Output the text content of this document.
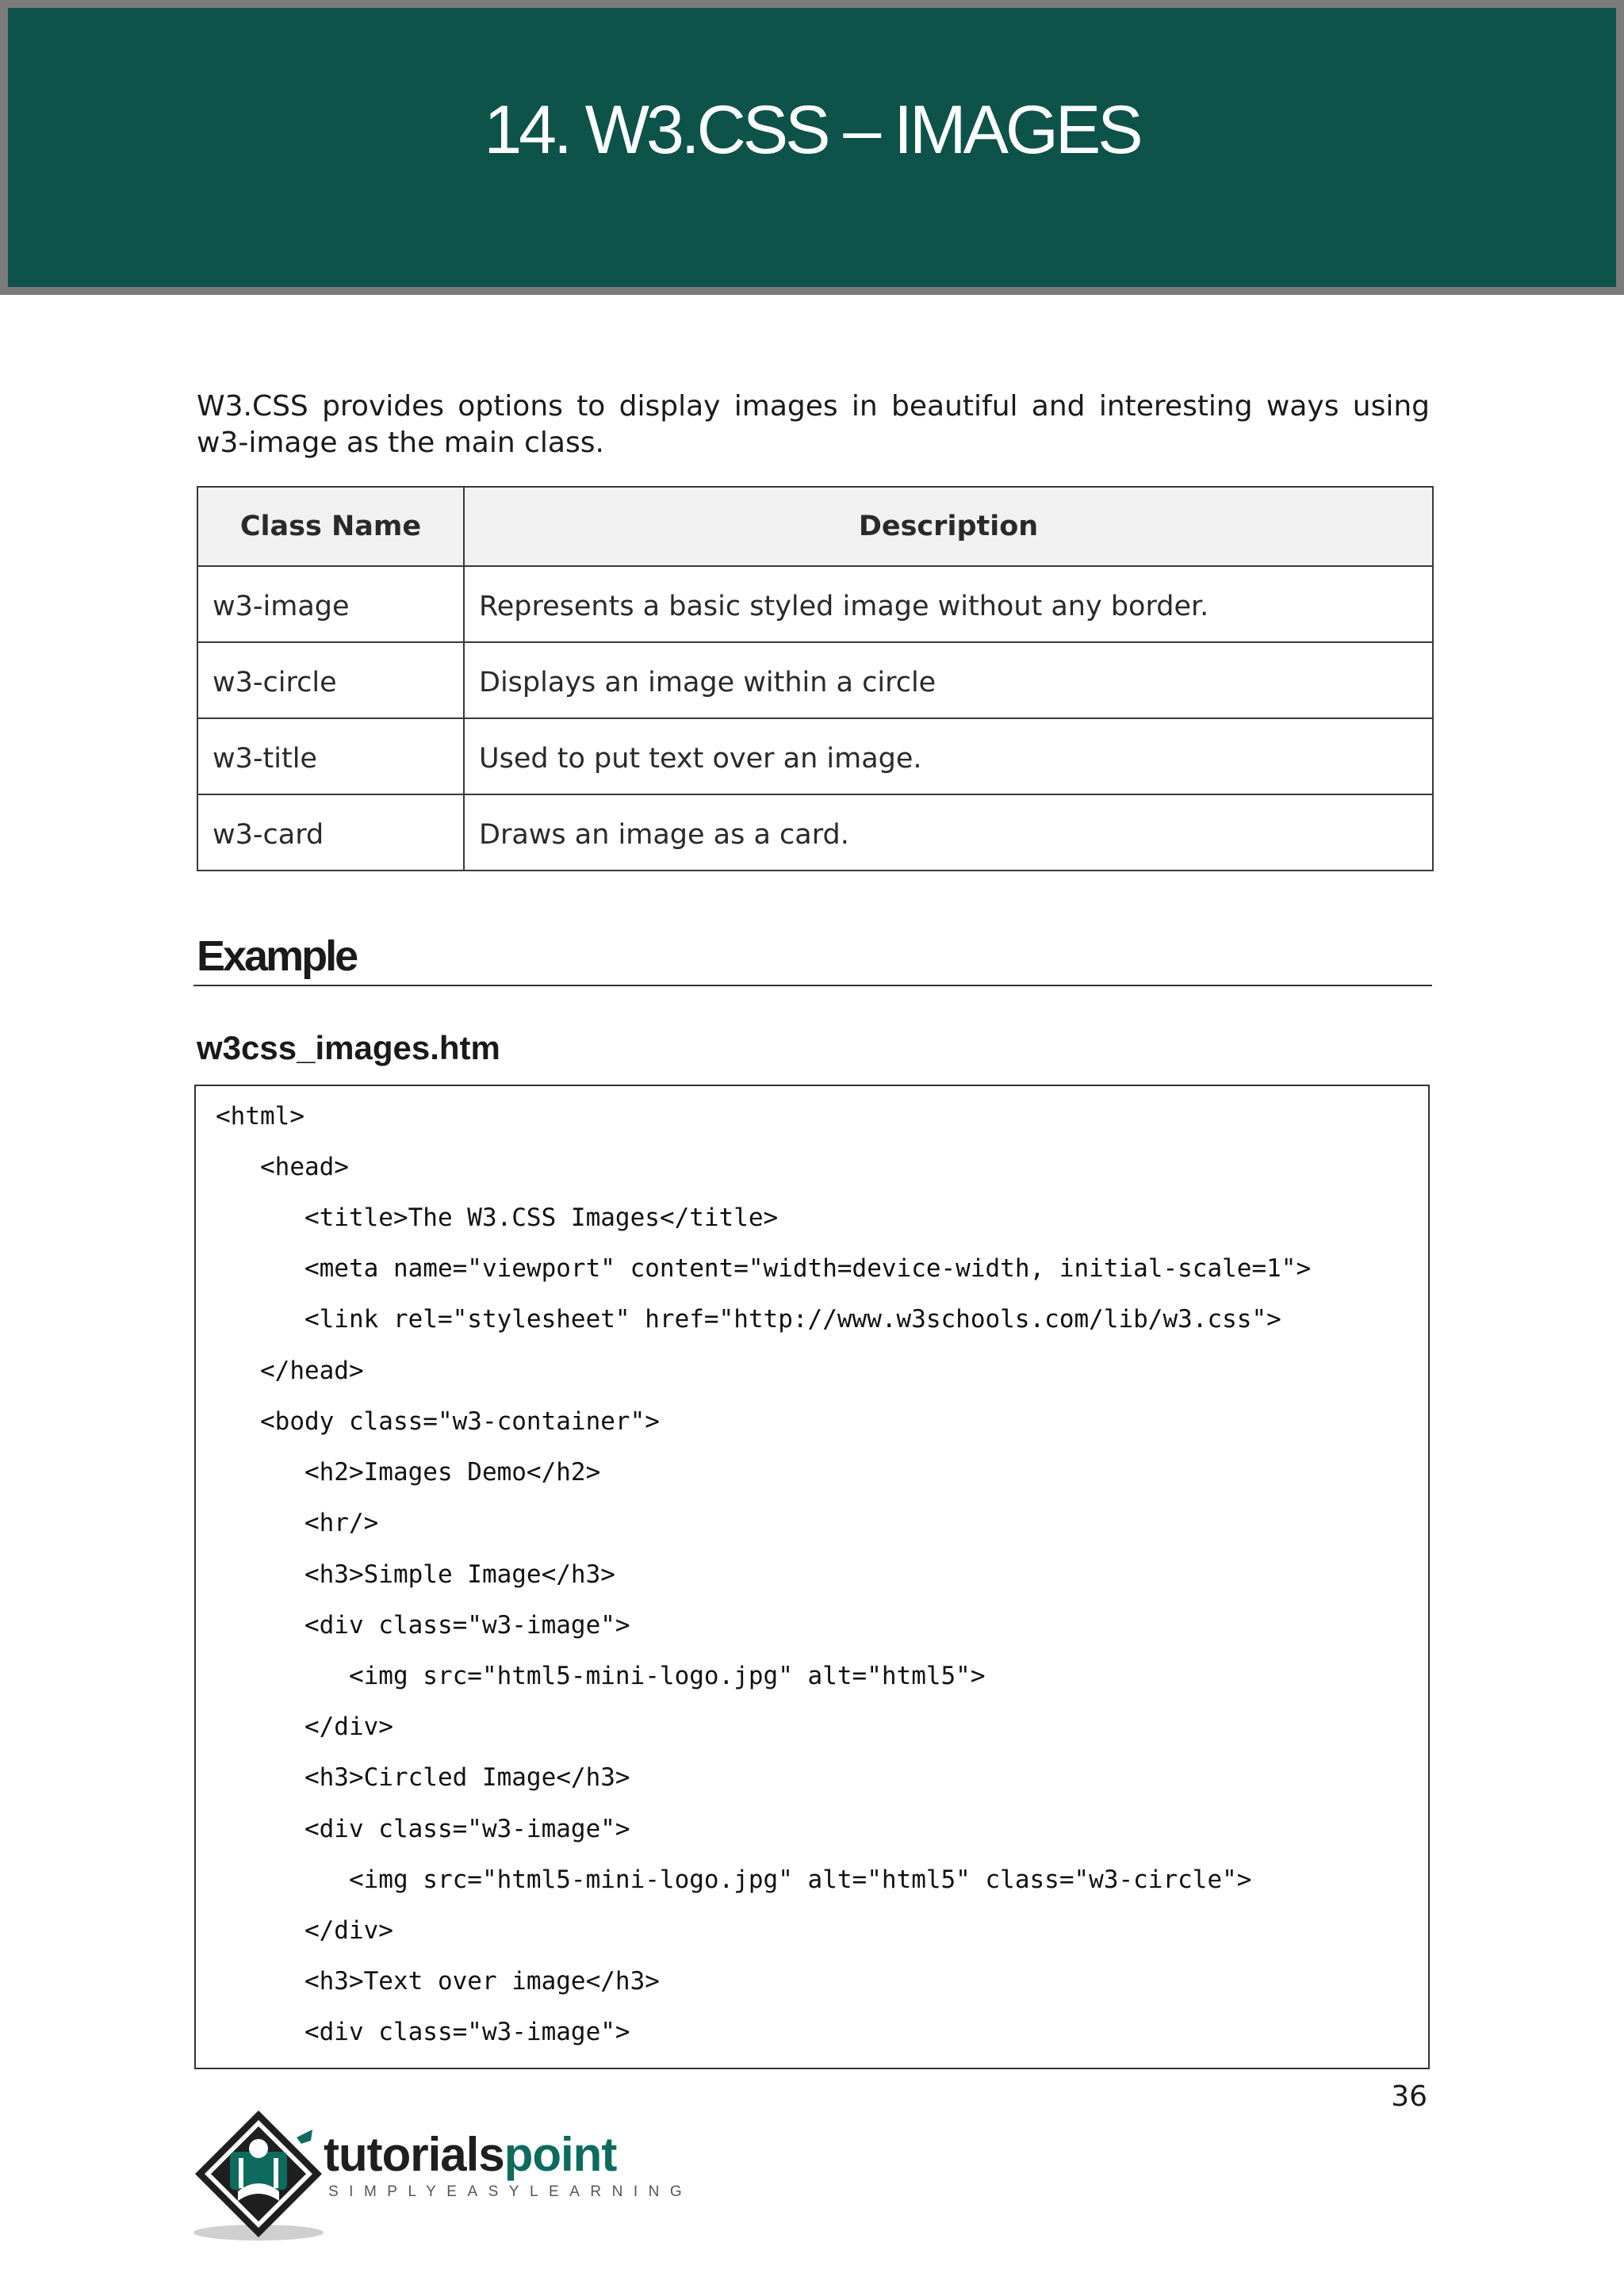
14. W3.CSS – IMAGES

W3.CSS provides options to display images in beautiful and interesting ways using w3-image as the main class.

Class Name	Description
w3-image	Represents a basic styled image without any border.
w3-circle	Displays an image within a circle
w3-title	Used to put text over an image.
w3-card	Draws an image as a card.
Example
w3css_images.htm
<html>
<head>
<title>The W3.CSS Images</title>
<meta name="viewport" content="width=device-width, initial-scale=1">
<link rel="stylesheet" href="http://www.w3schools.com/lib/w3.css">
</head>
<body class="w3-container">
<h2>Images Demo</h2>
<hr/>
<h3>Simple Image</h3>
<div class="w3-image">
<img src="html5-mini-logo.jpg" alt="html5">
</div>
<h3>Circled Image</h3>
<div class="w3-image">
<img src="html5-mini-logo.jpg" alt="html5" class="w3-circle">
</div>
<h3>Text over image</h3>
<div class="w3-image">

36

tutorialspoint
SIMPLYEASYLEARNING
